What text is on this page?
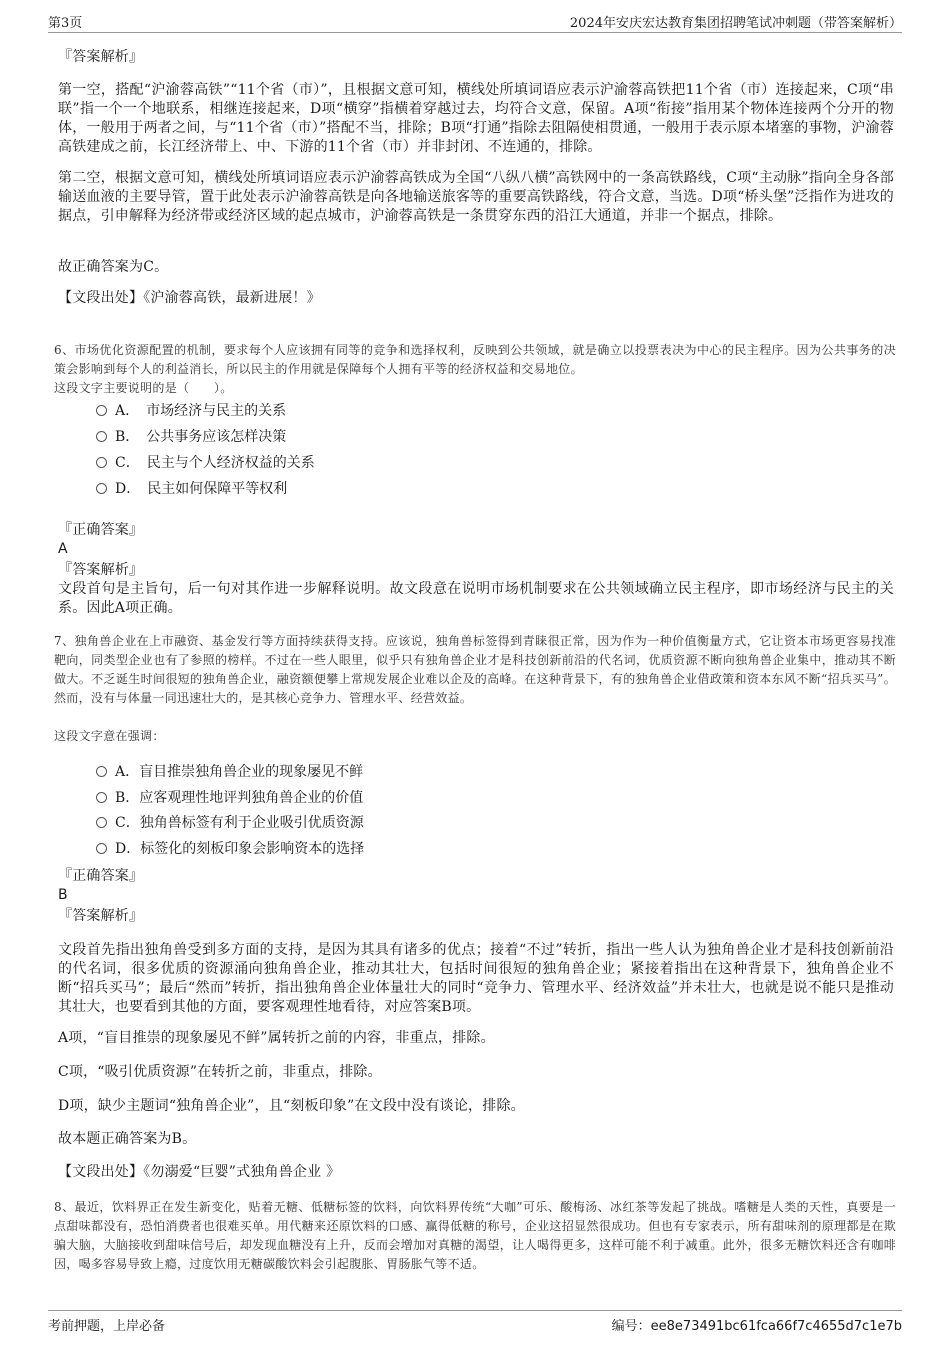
第3页	2024年安庆宏达教育集团招聘笔试冲刺题（带答案解析）

『答案解析』

第一空，搭配“沪渝蓉高铁”“11个省（市）”，且根据文意可知，横线处所填词语应表示沪渝蓉高铁把11个省（市）连接起来，C项“串联”指一个一个地联系，相继连接起来，D项“横穿”指横着穿越过去，均符合文意，保留。A项“衔接”指用某个物体连接两个分开的物体，一般用于两者之间，与“11个省（市）”搭配不当，排除；B项“打通”指除去阻隔使相贯通，一般用于表示原本堵塞的事物，沪渝蓉高铁建成之前，长江经济带上、中、下游的11个省（市）并非封闭、不连通的，排除。

第二空，根据文意可知，横线处所填词语应表示沪渝蓉高铁成为全国“八纵八横”高铁网中的一条高铁路线，C项“主动脉”指向全身各部输送血液的主要导管，置于此处表示沪渝蓉高铁是向各地输送旅客等的重要高铁路线，符合文意，当选。D项“桥头堡”泛指作为进攻的据点，引申解释为经济带或经济区域的起点城市，沪渝蓉高铁是一条贯穿东西的沿江大通道，并非一个据点，排除。

故正确答案为C。

【文段出处】《沪渝蓉高铁，最新进展！》

6、市场优化资源配置的机制，要求每个人应该拥有同等的竞争和选择权利，反映到公共领域，就是确立以投票表决为中心的民主程序。因为公共事务的决策会影响到每个人的利益消长，所以民主的作用就是保障每个人拥有平等的经济权益和交易地位。

这段文字主要说明的是（　　）。

A．　市场经济与民主的关系
B．　公共事务应该怎样决策
C．　民主与个人经济权益的关系
D．　民主如何保障平等权利

『正确答案』

A

『答案解析』

文段首句是主旨句，后一句对其作进一步解释说明。故文段意在说明市场机制要求在公共领域确立民主程序，即市场经济与民主的关系。因此A项正确。

7、独角兽企业在上市融资、基金发行等方面持续获得支持。应该说，独角兽标签得到青睐很正常，因为作为一种价值衡量方式，它让资本市场更容易找准靶向，同类型企业也有了参照的榜样。不过在一些人眼里，似乎只有独角兽企业才是科技创新前沿的代名词，优质资源不断向独角兽企业集中，推动其不断做大。不乏诞生时间很短的独角兽企业，融资额便攀上常规发展企业难以企及的高峰。在这种背景下，有的独角兽企业借政策和资本东风不断“招兵买马”。然而，没有与体量一同迅速壮大的，是其核心竞争力、管理水平、经营效益。

这段文字意在强调：

A．盲目推崇独角兽企业的现象屡见不鲜
B．应客观理性地评判独角兽企业的价值
C．独角兽标签有利于企业吸引优质资源
D．标签化的刻板印象会影响资本的选择

『正确答案』

B

『答案解析』

文段首先指出独角兽受到多方面的支持，是因为其具有诸多的优点；接着“不过”转折，指出一些人认为独角兽企业才是科技创新前沿的代名词，很多优质的资源涌向独角兽企业，推动其壮大，包括时间很短的独角兽企业；紧接着指出在这种背景下，独角兽企业不断“招兵买马”；最后“然而”转折，指出独角兽企业体量壮大的同时“竞争力、管理水平、经济效益”并未壮大，也就是说不能只是推动其壮大，也要看到其他的方面，要客观理性地看待，对应答案B项。

A项，“盲目推崇的现象屡见不鲜”属转折之前的内容，非重点，排除。

C项，“吸引优质资源”在转折之前，非重点，排除。

D项，缺少主题词“独角兽企业”，且“刻板印象”在文段中没有谈论，排除。

故本题正确答案为B。

【文段出处】《勿溺爱“巨婴”式独角兽企业 》

8、最近，饮料界正在发生新变化，贴着无糖、低糖标签的饮料，向饮料界传统“大咖”可乐、酸梅汤、冰红茶等发起了挑战。嗜糖是人类的天性，真要是一点甜味都没有，恐怕消费者也很难买单。用代糖来还原饮料的口感、赢得低糖的称号，企业这招显然很成功。但也有专家表示，所有甜味剂的原理都是在欺骗大脑，大脑接收到甜味信号后，却发现血糖没有上升，反而会增加对真糖的渴望，让人喝得更多，这样可能不利于减重。此外，很多无糖饮料还含有咖啡因，喝多容易导致上瘾，过度饮用无糖碳酸饮料会引起腹胀、胃肠胀气等不适。

考前押题，上岸必备	编号：ee8e73491bc61fca66f7c4655d7c1e7b
